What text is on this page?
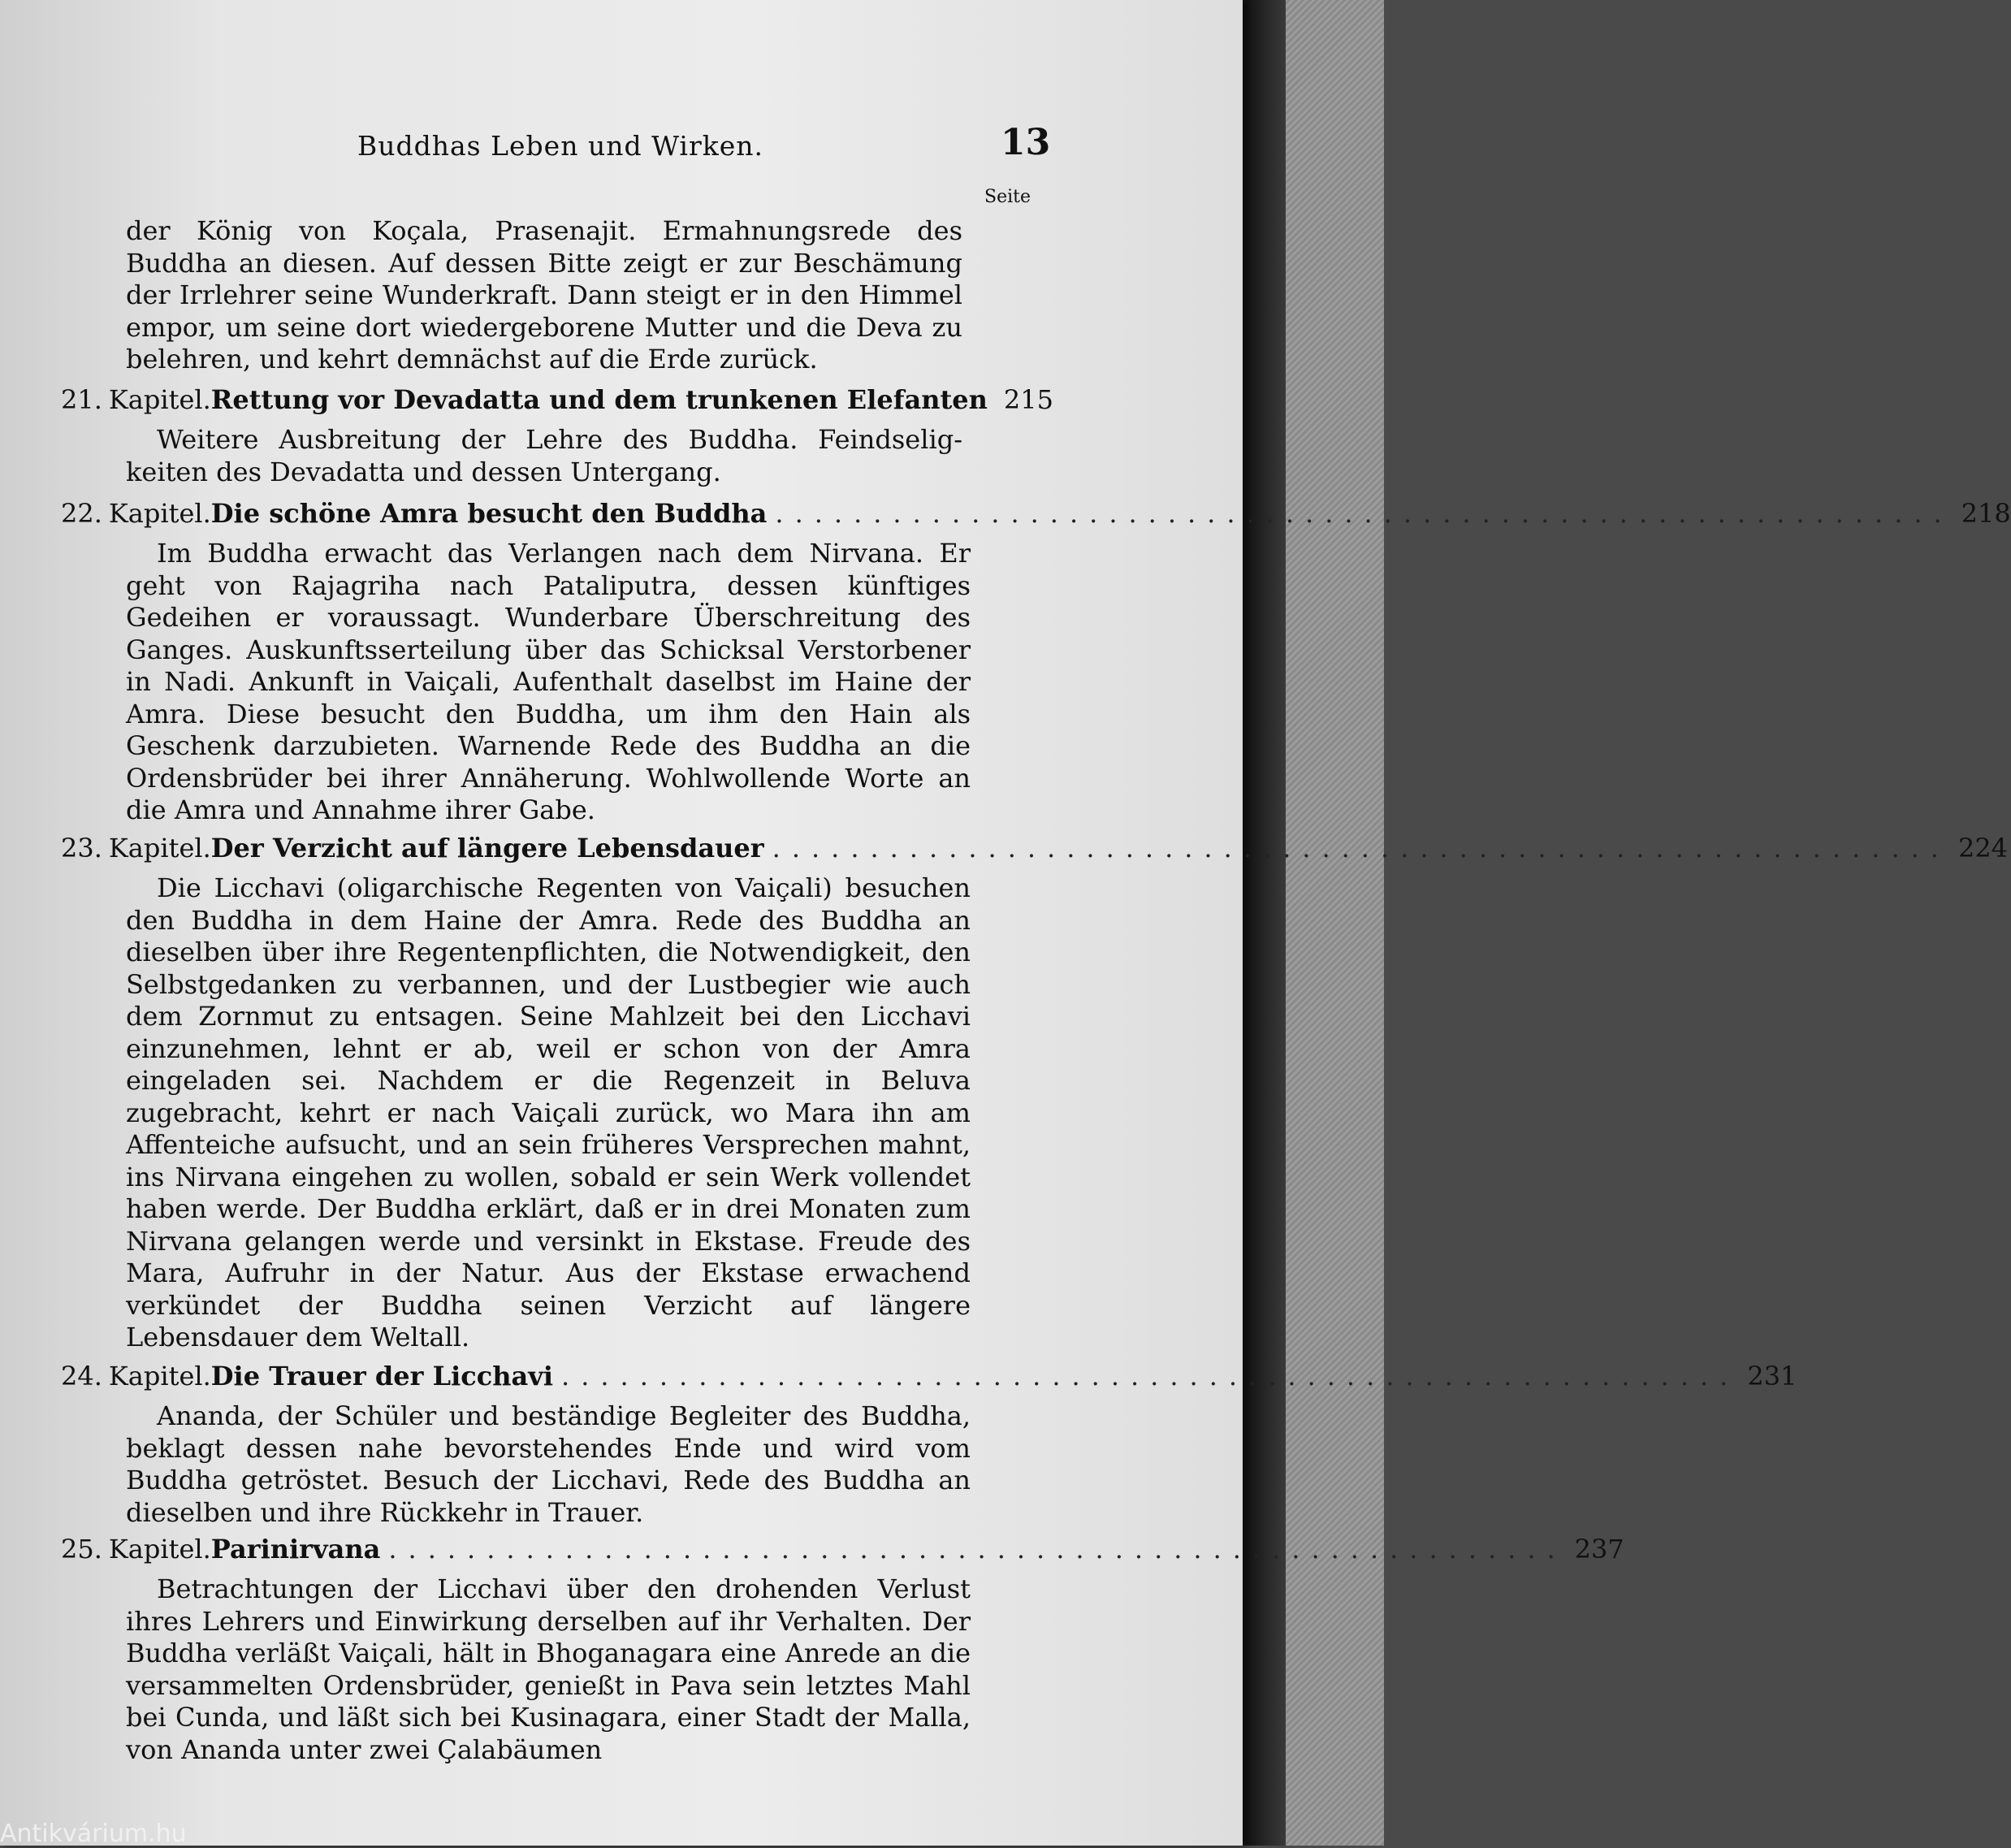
Buddhas Leben und Wirken.	13
Seite
der König von Koçala, Prasenajit. Ermahnungsrede des Buddha an diesen. Auf dessen Bitte zeigt er zur Beschämung der Irrlehrer seine Wunderkraft. Dann steigt er in den Himmel empor, um seine dort wiedergeborene Mutter und die Deva zu belehren, und kehrt demnächst auf die Erde zurück.
21. Kapitel. Rettung vor Devadatta und dem trunkenen Elefanten 215
Weitere Ausbreitung der Lehre des Buddha. Feindselig-keiten des Devadatta und dessen Untergang.
22. Kapitel. Die schöne Amra besucht den Buddha ............................................................ 218
Im Buddha erwacht das Verlangen nach dem Nirvana. Er geht von Rajagriha nach Pataliputra, dessen künftiges Gedeihen er voraussagt. Wunderbare Überschreitung des Ganges. Auskunftsserteilung über das Schicksal Verstorbener in Nadi. Ankunft in Vaiçali, Aufenthalt daselbst im Haine der Amra. Diese besucht den Buddha, um ihm den Hain als Geschenk darzubieten. Warnende Rede des Buddha an die Ordensbrüder bei ihrer Annäherung. Wohlwollende Worte an die Amra und Annahme ihrer Gabe.
23. Kapitel. Der Verzicht auf längere Lebensdauer ............................................................ 224
Die Licchavi (oligarchische Regenten von Vaiçali) besuchen den Buddha in dem Haine der Amra. Rede des Buddha an dieselben über ihre Regentenpflichten, die Notwendigkeit, den Selbstgedanken zu verbannen, und der Lustbegier wie auch dem Zornmut zu entsagen. Seine Mahlzeit bei den Licchavi einzunehmen, lehnt er ab, weil er schon von der Amra eingeladen sei. Nachdem er die Regenzeit in Beluva zugebracht, kehrt er nach Vaiçali zurück, wo Mara ihn am Affenteiche aufsucht, und an sein früheres Versprechen mahnt, ins Nirvana eingehen zu wollen, sobald er sein Werk vollendet haben werde. Der Buddha erklärt, daß er in drei Monaten zum Nirvana gelangen werde und versinkt in Ekstase. Freude des Mara, Aufruhr in der Natur. Aus der Ekstase erwachend verkündet der Buddha seinen Verzicht auf längere Lebensdauer dem Weltall.
24. Kapitel. Die Trauer der Licchavi ............................................................ 231
Ananda, der Schüler und beständige Begleiter des Buddha, beklagt dessen nahe bevorstehendes Ende und wird vom Buddha getröstet. Besuch der Licchavi, Rede des Buddha an dieselben und ihre Rückkehr in Trauer.
25. Kapitel. Parinirvana ............................................................ 237
Betrachtungen der Licchavi über den drohenden Verlust ihres Lehrers und Einwirkung derselben auf ihr Verhalten. Der Buddha verläßt Vaiçali, hält in Bhoganagara eine Anrede an die versammelten Ordensbrüder, genießt in Pava sein letztes Mahl bei Cunda, und läßt sich bei Kusinagara, einer Stadt der Malla, von Ananda unter zwei Çalabäumen
Antikvárium.hu
